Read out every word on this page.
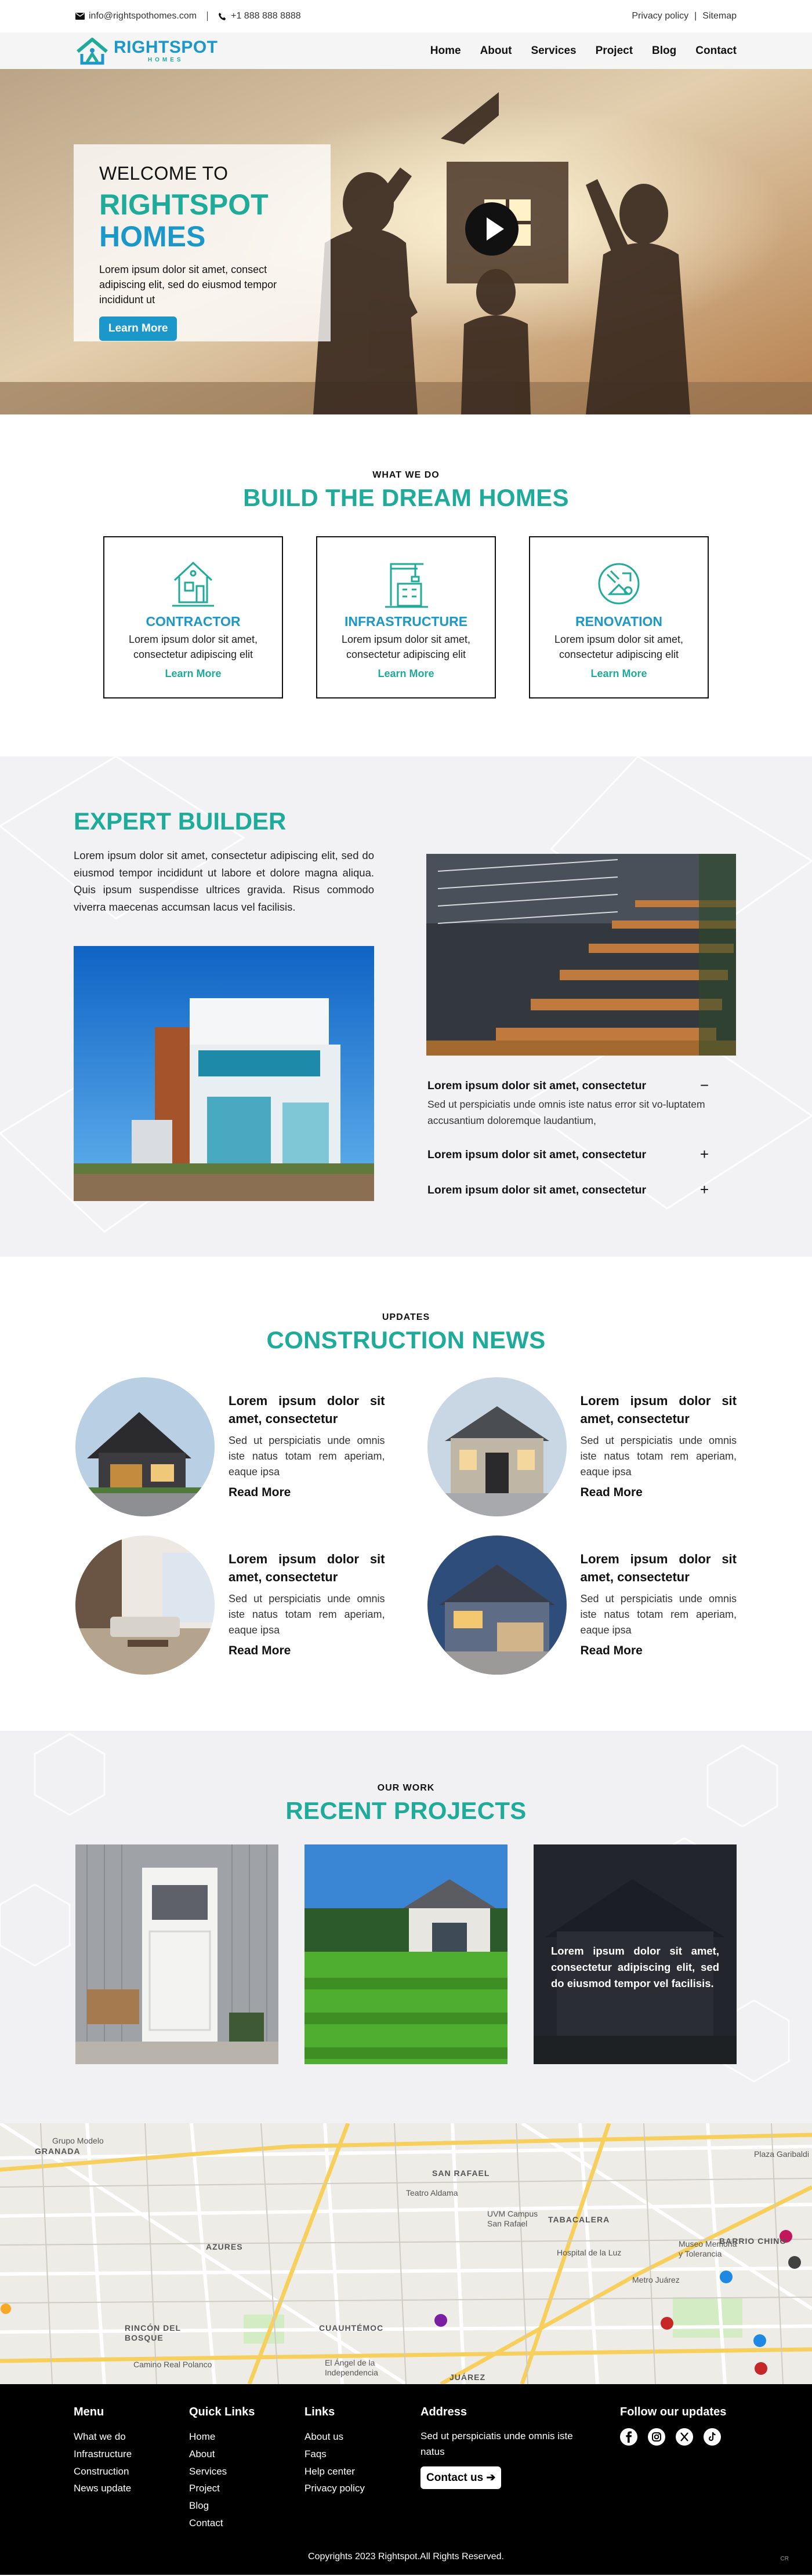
info@rightspothomes.com	+1 888 888 8888	Privacy policy | Sitemap
RIGHTSPOT
HOMES
Home About Services Project Blog Contact
WELCOME TO
RIGHTSPOT
HOMES

Lorem ipsum dolor sit amet, consect adipiscing elit, sed do eiusmod tempor incididunt ut

Learn More
WHAT WE DO
BUILD THE DREAM HOMES
CONTRACTOR
Lorem ipsum dolor sit amet, consectetur adipiscing elit
Learn More
INFRASTRUCTURE
Lorem ipsum dolor sit amet, consectetur adipiscing elit
Learn More
RENOVATION
Lorem ipsum dolor sit amet, consectetur adipiscing elit
Learn More
EXPERT BUILDER

Lorem ipsum dolor sit amet, consectetur adipiscing elit, sed do eiusmod tempor incididunt ut labore et dolore magna aliqua. Quis ipsum suspendisse ultrices gravida. Risus commodo viverra maecenas accumsan lacus vel facilisis.

Lorem ipsum dolor sit amet, consectetur	−

Sed ut perspiciatis unde omnis iste natus error sit vo-luptatem accusantium doloremque laudantium,

Lorem ipsum dolor sit amet, consectetur	+
Lorem ipsum dolor sit amet, consectetur	+
UPDATES
CONSTRUCTION NEWS
Lorem ipsum dolor sit amet, consectetur

Sed ut perspiciatis unde omnis iste natus totam rem aperiam, eaque ipsa

Read More
Lorem ipsum dolor sit amet, consectetur

Sed ut perspiciatis unde omnis iste natus totam rem aperiam, eaque ipsa

Read More
Lorem ipsum dolor sit amet, consectetur

Sed ut perspiciatis unde omnis iste natus totam rem aperiam, eaque ipsa

Read More
Lorem ipsum dolor sit amet, consectetur

Sed ut perspiciatis unde omnis iste natus totam rem aperiam, eaque ipsa

Read More
OUR WORK
RECENT PROJECTS
Lorem ipsum dolor sit amet, consectetur adipiscing elit, sed do eiusmod tempor vel facilisis.
Grupo Modelo
GRANADA
SAN RAFAEL
TABACALERA
AZURES
CUAUHTÉMOC
RINCÓN DEL BOSQUE
JUÁREZ
BARRIO CHINO
Plaza Garibaldi
Teatro Aldama
UVM Campus San Rafael
Museo Memoria y Tolerancia
El Ángel de la Independencia
Camino Real Polanco
Metro Juárez
Hospital de la Luz
Menu
What we do
Infrastructure
Construction
News update
Quick Links
Home
About
Services
Project
Blog
Contact
Links
About us
Faqs
Help center
Privacy policy
Address

Sed ut perspiciatis unde omnis iste natus

Contact us ➔
Follow our updates
Copyrights 2023 Rightspot.All Rights Reserved.	CR
